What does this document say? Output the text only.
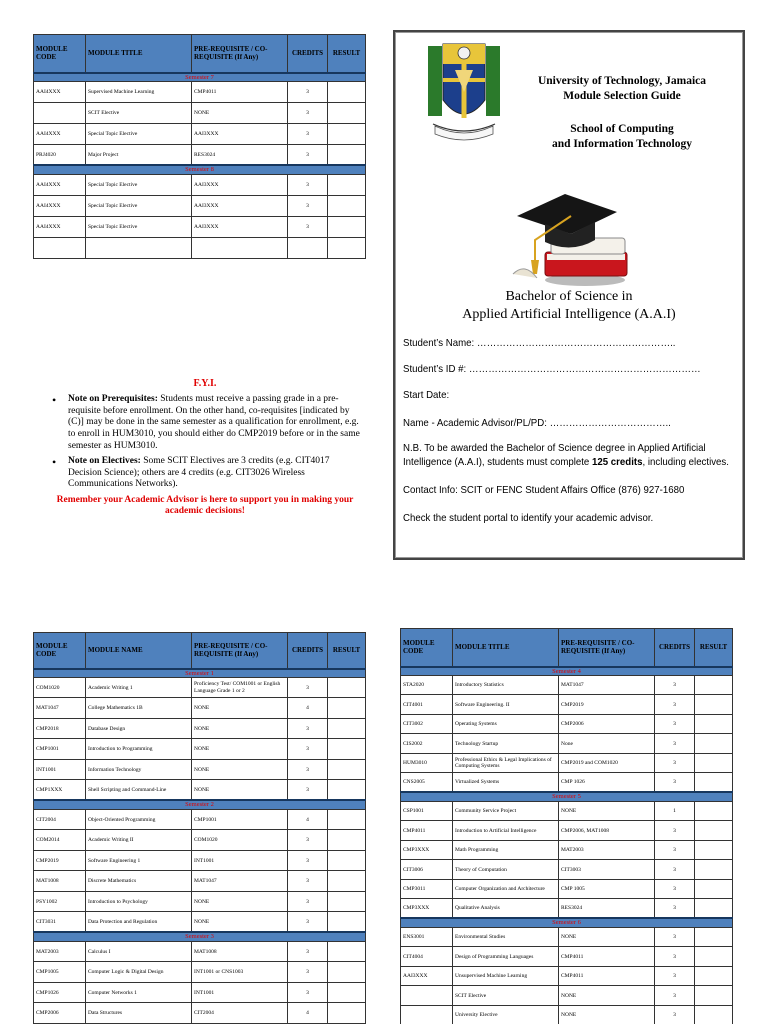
MODULE CODE	MODULE TITLE	PRE-REQUISITE / CO-REQUISITE (If Any)	CREDITS	RESULT
Semester 7				
AAI4XXX	Supervised Machine Learning	CMP4011	3	
	SCIT Elective	NONE	3	
AAI4XXX	Special Topic Elective	AAI3XXX	3	
PRJ4020	Major Project	RES3024	3	
Semester 8				
AAI4XXX	Special Topic Elective	AAI3XXX	3	
AAI4XXX	Special Topic Elective	AAI3XXX	3	
AAI4XXX	Special Topic Elective	AAI3XXX	3	

F.Y.I.
• Note on Prerequisites: Students must receive a passing grade in a pre-requisite before enrollment. On the other hand, co-requisites [indicated by (C)] may be done in the same semester as a qualification for enrollment, e.g. to enroll in HUM3010, you should either do CMP2019 before or in the same semester as HUM3010.
• Note on Electives: Some SCIT Electives are 3 credits (e.g. CIT4017 Decision Science); others are 4 credits (e.g. CIT3026 Wireless Communications Networks).
Remember your Academic Advisor is here to support you in making your academic decisions!
University of Technology, Jamaica
Module Selection Guide
School of Computing
and Information Technology
Bachelor of Science in
Applied Artificial Intelligence (A.A.I)
Student’s Name: ……………………………………………………..
Student’s ID #: ………………………………………………………………
Start Date:
Name - Academic Advisor/PL/PD: ………………………………..

N.B. To be awarded the Bachelor of Science degree in Applied Artificial Intelligence (A.A.I), students must complete 125 credits, including electives.

Contact Info: SCIT or FENC Student Affairs Office (876) 927-1680

Check the student portal to identify your academic advisor.

MODULE CODE	MODULE NAME	PRE-REQUISITE / CO-REQUISITE (If Any)	CREDITS	RESULT
Semester 1				
COM1020	Academic Writing 1	Proficiency Test/ COM1001 or English Language Grade 1 or 2	3	
MAT1047	College Mathematics 1B	NONE	4	
CMP2018	Database Design	NONE	3	
CMP1001	Introduction to Programming	NONE	3	
INT1001	Information Technology	NONE	3	
CMP1XXX	Shell Scripting and Command-Line	NONE	3	
Semester 2				
CIT2004	Object-Oriented Programming	CMP1001	4	
COM2014	Academic Writing II	COM1020	3	
CMP2019	Software Engineering 1	INT1001	3	
MAT1008	Discrete Mathematics	MAT1047	3	
PSY1002	Introduction to Psychology	NONE	3	
CIT3031	Data Protection and Regulation	NONE	3	
Semester 3				
MAT2003	Calculus I	MAT1008	3	
CMP1005	Computer Logic & Digital Design	INT1001 or CNS1003	3	
CMP1026	Computer Networks 1	INT1001	3	
CMP2006	Data Structures	CIT2004	4	
MODULE CODE	MODULE TITLE	PRE-REQUISITE / CO-REQUISITE (If Any)	CREDITS	RESULT
Semester 4				
STA2020	Introductory Statistics	MAT1047	3	
CIT4001	Software Engineering. II	CMP2019	3	
CIT3002	Operating Systems	CMP2006	3	
CIS2002	Technology Startup	None	3	
HUM3010	Professional Ethics & Legal Implications of Computing Systems	CMP2019 and COM1020	3	
CNS2005	Virtualized Systems	CMP 1026	3	
Semester 5				
CSP1001	Community Service Project	NONE	1	
CMP4011	Introduction to Artificial Intelligence	CMP2006, MAT1008	3	
CMP3XXX	Math Programming	MAT2003	3	
CIT3006	Theory of Computation	CIT3003	3	
CMP3011	Computer Organization and Architecture	CMP 1005	3	
CMP3XXX	Qualitative Analysis	RES3024	3	
Semester 6				
ENS3001	Environmental Studies	NONE	3	
CIT4004	Design of Programming Languages	CMP4011	3	
AAI3XXX	Unsupervised Machine Learning	CMP4011	3	
	SCIT Elective	NONE	3	
	University Elective	NONE	3	
